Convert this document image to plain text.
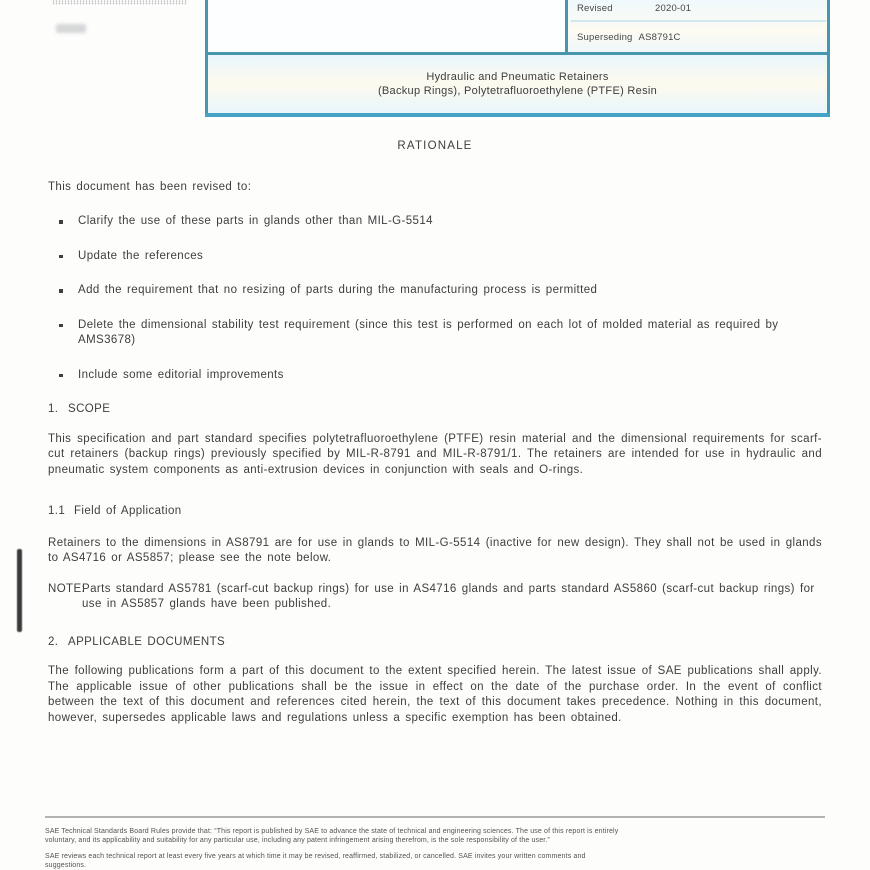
Revised	2020-01
Superseding AS8791C
Hydraulic and Pneumatic Retainers
(Backup Rings), Polytetrafluoroethylene (PTFE) Resin
RATIONALE
This document has been revised to:
Clarify the use of these parts in glands other than MIL-G-5514
Update the references
Add the requirement that no resizing of parts during the manufacturing process is permitted
Delete the dimensional stability test requirement (since this test is performed on each lot of molded material as required by AMS3678)
Include some editorial improvements
1. SCOPE
This specification and part standard specifies polytetrafluoroethylene (PTFE) resin material and the dimensional requirements for scarf-cut retainers (backup rings) previously specified by MIL-R-8791 and MIL-R-8791/1. The retainers are intended for use in hydraulic and pneumatic system components as anti-extrusion devices in conjunction with seals and O-rings.
1.1 Field of Application
Retainers to the dimensions in AS8791 are for use in glands to MIL-G-5514 (inactive for new design). They shall not be used in glands to AS4716 or AS5857; please see the note below.
NOTE:
Parts standard AS5781 (scarf-cut backup rings) for use in AS4716 glands and parts standard AS5860 (scarf-cut backup rings) for use in AS5857 glands have been published.
2. APPLICABLE DOCUMENTS
The following publications form a part of this document to the extent specified herein. The latest issue of SAE publications shall apply. The applicable issue of other publications shall be the issue in effect on the date of the purchase order. In the event of conflict between the text of this document and references cited herein, the text of this document takes precedence. Nothing in this document, however, supersedes applicable laws and regulations unless a specific exemption has been obtained.
SAE Technical Standards Board Rules provide that: “This report is published by SAE to advance the state of technical and engineering sciences. The use of this report is entirely
voluntary, and its applicability and suitability for any particular use, including any patent infringement arising therefrom, is the sole responsibility of the user.”
SAE reviews each technical report at least every five years at which time it may be revised, reaffirmed, stabilized, or cancelled. SAE invites your written comments and
suggestions.
